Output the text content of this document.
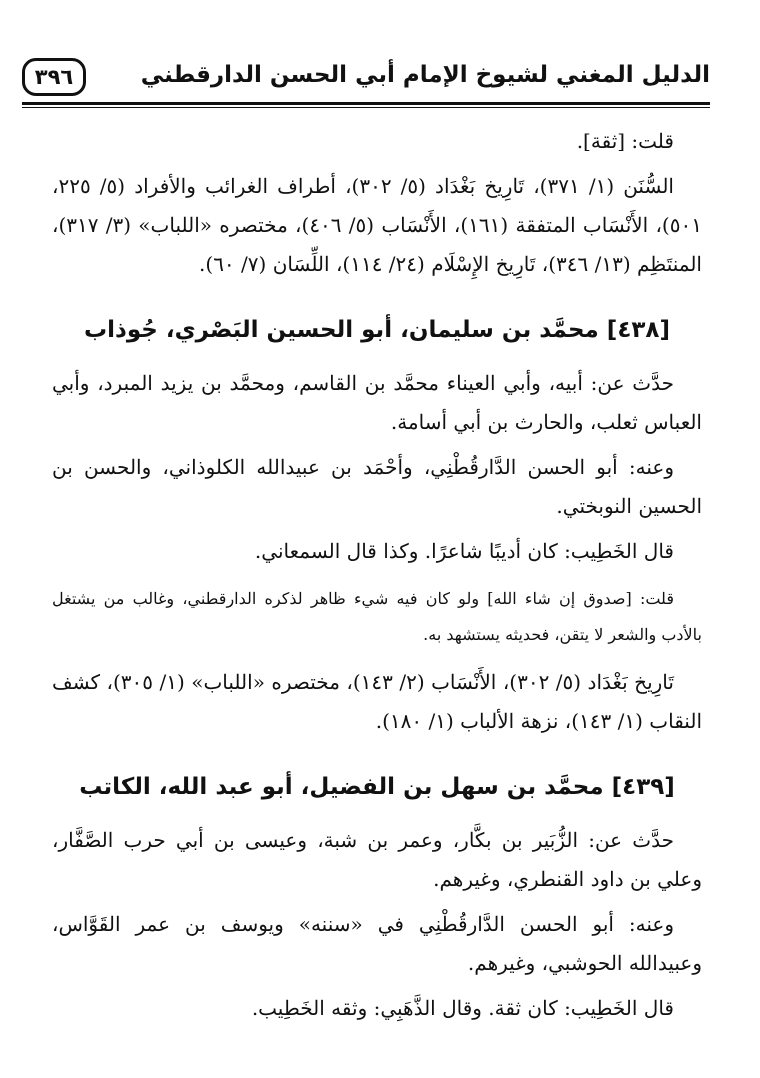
الدليل المغني لشيوخ الإمام أبي الحسن الدارقطني
٣٩٦

قلت: [ثقة].

السُّنَن (١/ ٣٧١)، تَارِيخ بَغْدَاد (٥/ ٣٠٢)، أطراف الغرائب والأفراد (٥/ ٢٢٥، ٥٠١)، الأَنْسَاب المتفقة (١٦١)، الأَنْسَاب (٥/ ٤٠٦)، مختصره «اللباب» (٣/ ٣١٧)، المنتَظِم (١٣/ ٣٤٦)، تَارِيخ الإِسْلَام (٢٤/ ١١٤)، اللِّسَان (٧/ ٦٠).

[٤٣٨] محمَّد بن سليمان، أبو الحسين البَصْري، جُوذاب

حدَّث عن: أبيه، وأبي العيناء محمَّد بن القاسم، ومحمَّد بن يزيد المبرد، وأبي العباس ثعلب، والحارث بن أبي أسامة.

وعنه: أبو الحسن الدَّارقُطْنِي، وأحْمَد بن عبيدالله الكلوذاني، والحسن بن الحسين النوبختي.

قال الخَطِيب: كان أديبًا شاعرًا. وكذا قال السمعاني.

قلت: [صدوق إن شاء الله] ولو كان فيه شيء ظاهر لذكره الدارقطني، وغالب من يشتغل بالأدب والشعر لا يتقن، فحديثه يستشهد به.

تَارِيخ بَغْدَاد (٥/ ٣٠٢)، الأَنْسَاب (٢/ ١٤٣)، مختصره «اللباب» (١/ ٣٠٥)، كشف النقاب (١/ ١٤٣)، نزهة الألباب (١/ ١٨٠).

[٤٣٩] محمَّد بن سهل بن الفضيل، أبو عبد الله، الكاتب

حدَّث عن: الزُّبَير بن بكَّار، وعمر بن شبة، وعيسى بن أبي حرب الصَّفَّار، وعلي بن داود القنطري، وغيرهم.

وعنه: أبو الحسن الدَّارقُطْنِي في «سننه» ويوسف بن عمر القَوَّاس، وعبيدالله الحوشبي، وغيرهم.

قال الخَطِيب: كان ثقة. وقال الذَّهَبِي: وثقه الخَطِيب.
